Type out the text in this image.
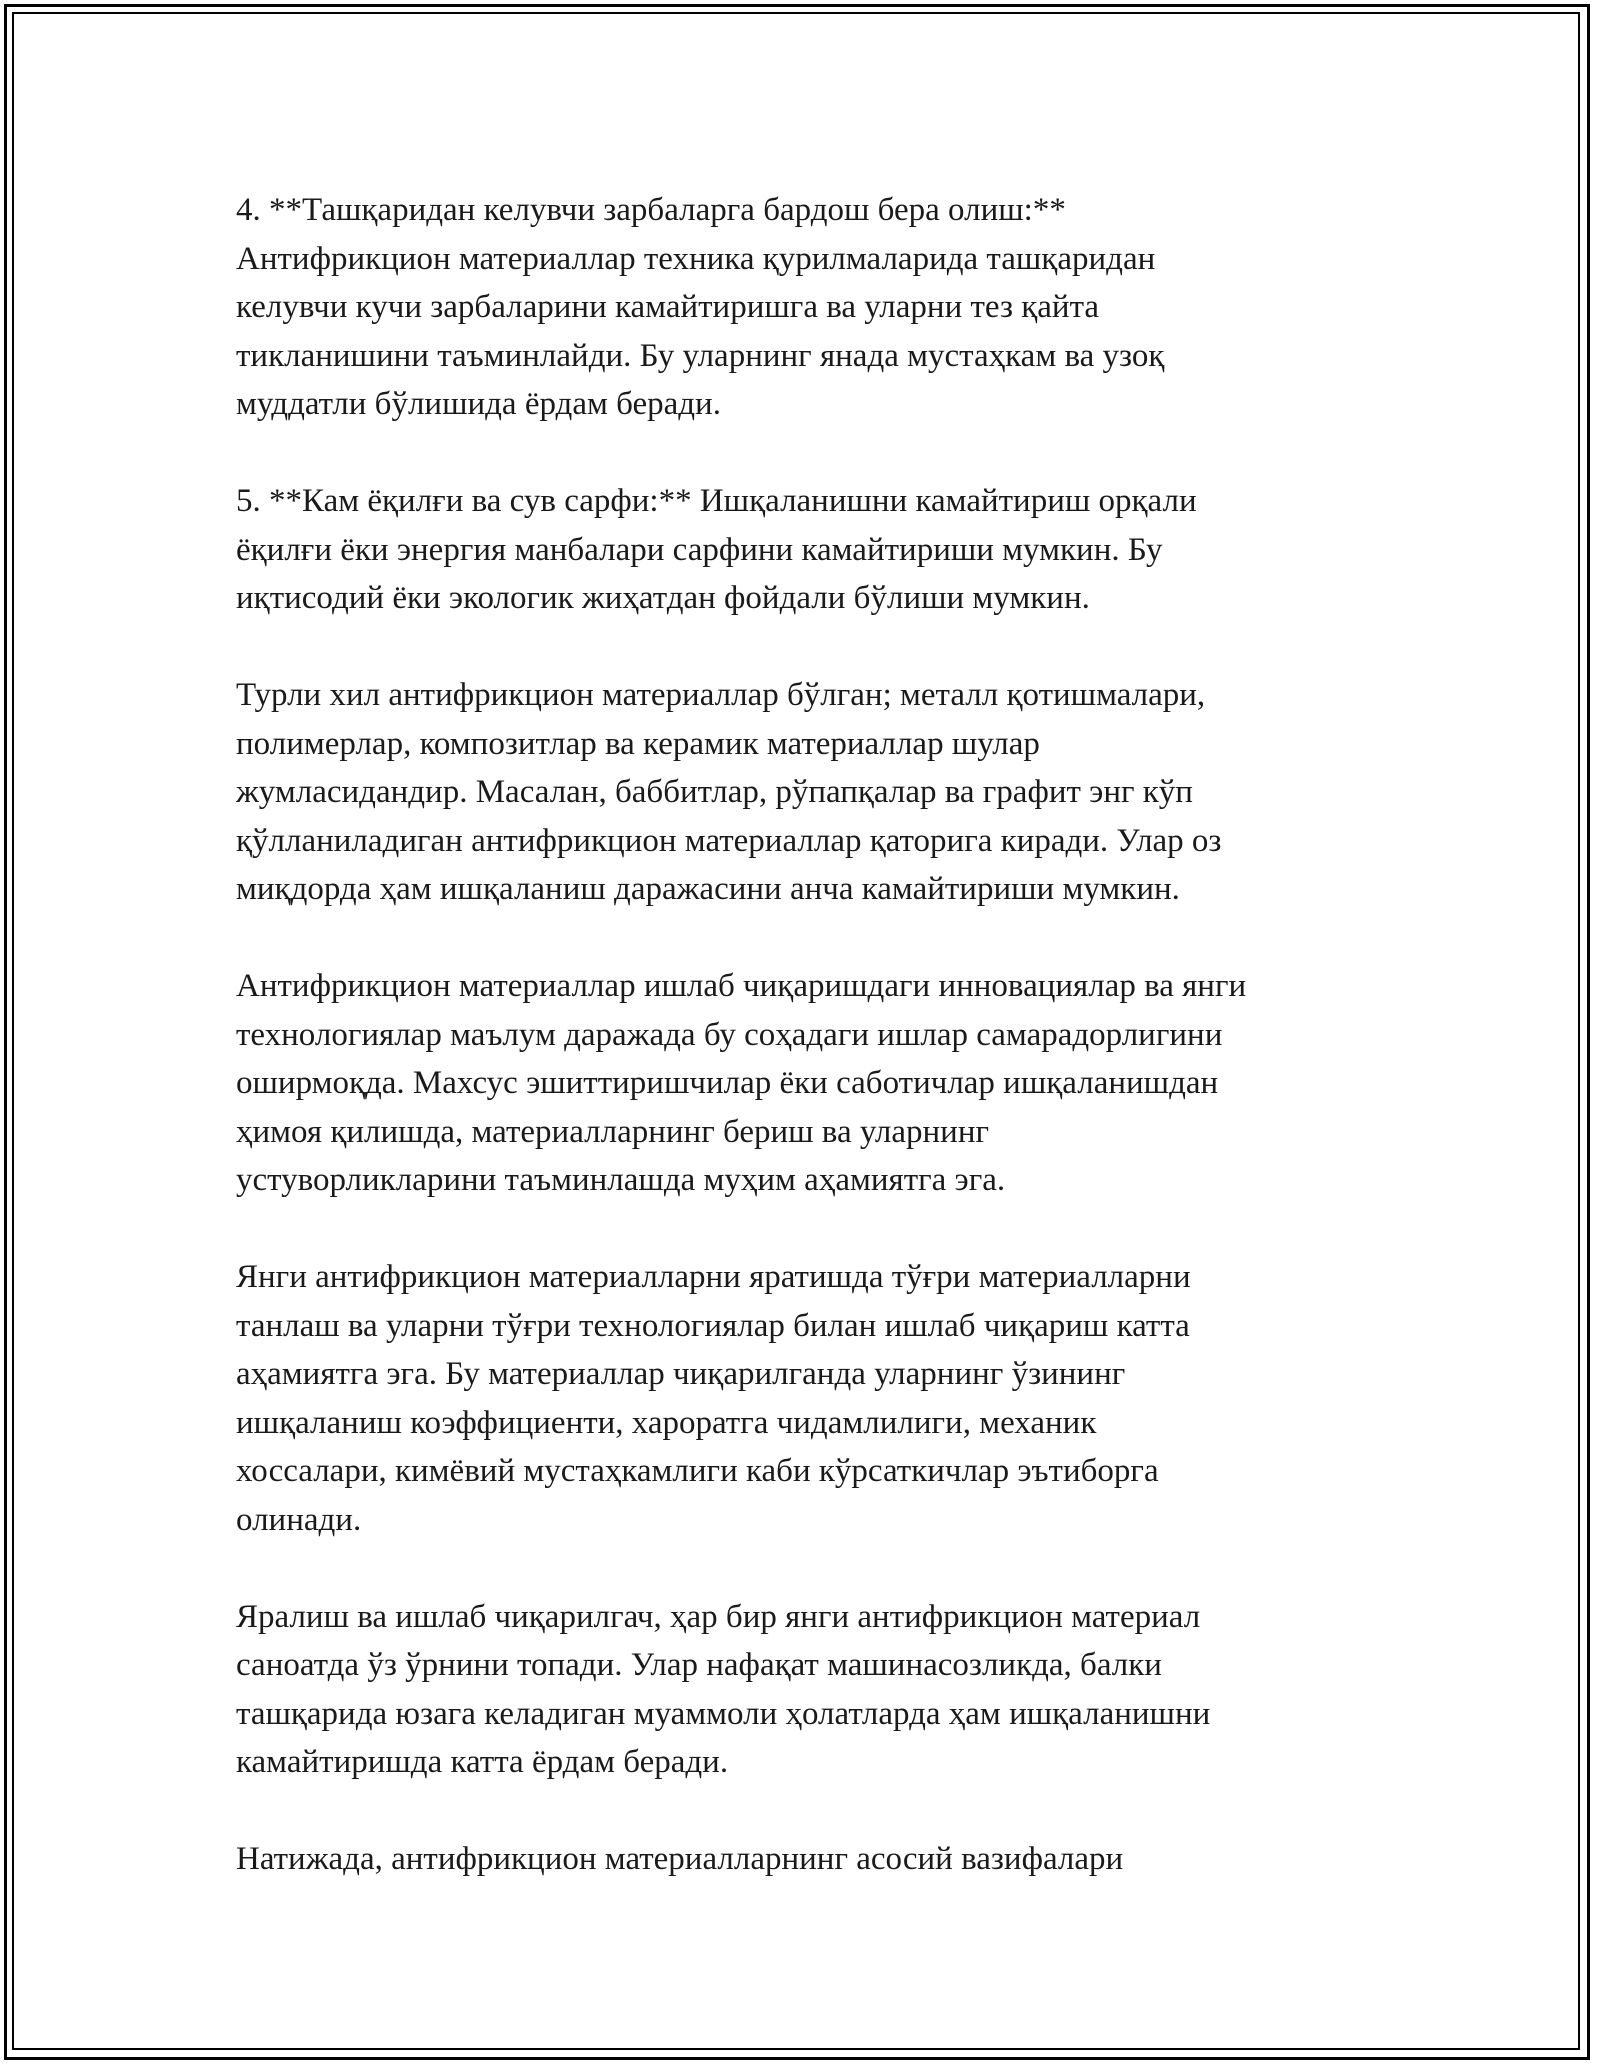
4. **Ташқаридан келувчи зарбаларга бардош бера олиш:**
Антифрикцион материаллар техника қурилмаларида ташқаридан
келувчи кучи зарбаларини камайтиришга ва уларни тез қайта
тикланишини таъминлайди. Бу уларнинг янада мустаҳкам ва узоқ
муддатли бўлишида ёрдам беради.

5. **Кам ёқилғи ва сув сарфи:** Ишқаланишни камайтириш орқали
ёқилғи ёки энергия манбалари сарфини камайтириши мумкин. Бу
иқтисодий ёки экологик жиҳатдан фойдали бўлиши мумкин.

Турли хил антифрикцион материаллар бўлган; металл қотишмалари,
полимерлар, композитлар ва керамик материаллар шулар
жумласидандир. Масалан, баббитлар, рўпапқалар ва графит энг кўп
қўлланиладиган антифрикцион материаллар қаторига киради. Улар оз
миқдорда ҳам ишқаланиш даражасини анча камайтириши мумкин.

Антифрикцион материаллар ишлаб чиқаришдаги инновациялар ва янги
технологиялар маълум даражада бу соҳадаги ишлар самарадорлигини
оширмоқда. Махсус эшиттиришчилар ёки саботичлар ишқаланишдан
ҳимоя қилишда, материалларнинг бериш ва уларнинг
устуворликларини таъминлашда муҳим аҳамиятга эга.

Янги антифрикцион материалларни яратишда тўғри материалларни
танлаш ва уларни тўғри технологиялар билан ишлаб чиқариш катта
аҳамиятга эга. Бу материаллар чиқарилганда уларнинг ўзининг
ишқаланиш коэффициенти, хароратга чидамлилиги, механик
хоссалари, кимёвий мустаҳкамлиги каби кўрсаткичлар эътиборга
олинади.

Яралиш ва ишлаб чиқарилгач, ҳар бир янги антифрикцион материал
саноатда ўз ўрнини топади. Улар нафақат машинасозликда, балки
ташқарида юзага келадиган муаммоли ҳолатларда ҳам ишқаланишни
камайтиришда катта ёрдам беради.

Натижада, антифрикцион материалларнинг асосий вазифалари
